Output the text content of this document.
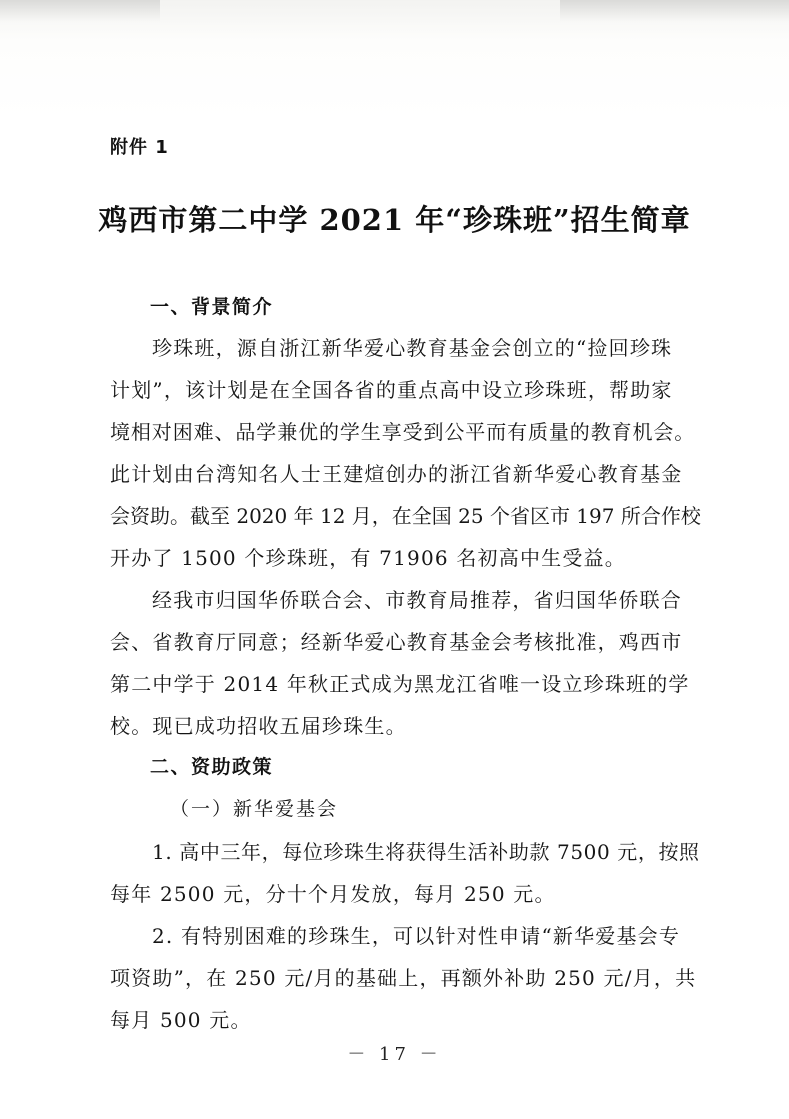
附件 1
鸡西市第二中学 2021 年“珍珠班”招生简章
一、背景简介
珍珠班，源自浙江新华爱心教育基金会创立的“捡回珍珠
计划”，该计划是在全国各省的重点高中设立珍珠班，帮助家
境相对困难、品学兼优的学生享受到公平而有质量的教育机会。
此计划由台湾知名人士王建煊创办的浙江省新华爱心教育基金
会资助。截至 2020 年 12 月，在全国 25 个省区市 197 所合作校
开办了 1500 个珍珠班，有 71906 名初高中生受益。
经我市归国华侨联合会、市教育局推荐，省归国华侨联合
会、省教育厅同意；经新华爱心教育基金会考核批准，鸡西市
第二中学于 2014 年秋正式成为黑龙江省唯一设立珍珠班的学
校。现已成功招收五届珍珠生。
二、资助政策
（一）新华爱基会
1. 高中三年，每位珍珠生将获得生活补助款 7500 元，按照
每年 2500 元，分十个月发放，每月 250 元。
2. 有特别困难的珍珠生，可以针对性申请“新华爱基会专
项资助”，在 250 元/月的基础上，再额外补助 250 元/月，共
每月 500 元。
－ 17 －
